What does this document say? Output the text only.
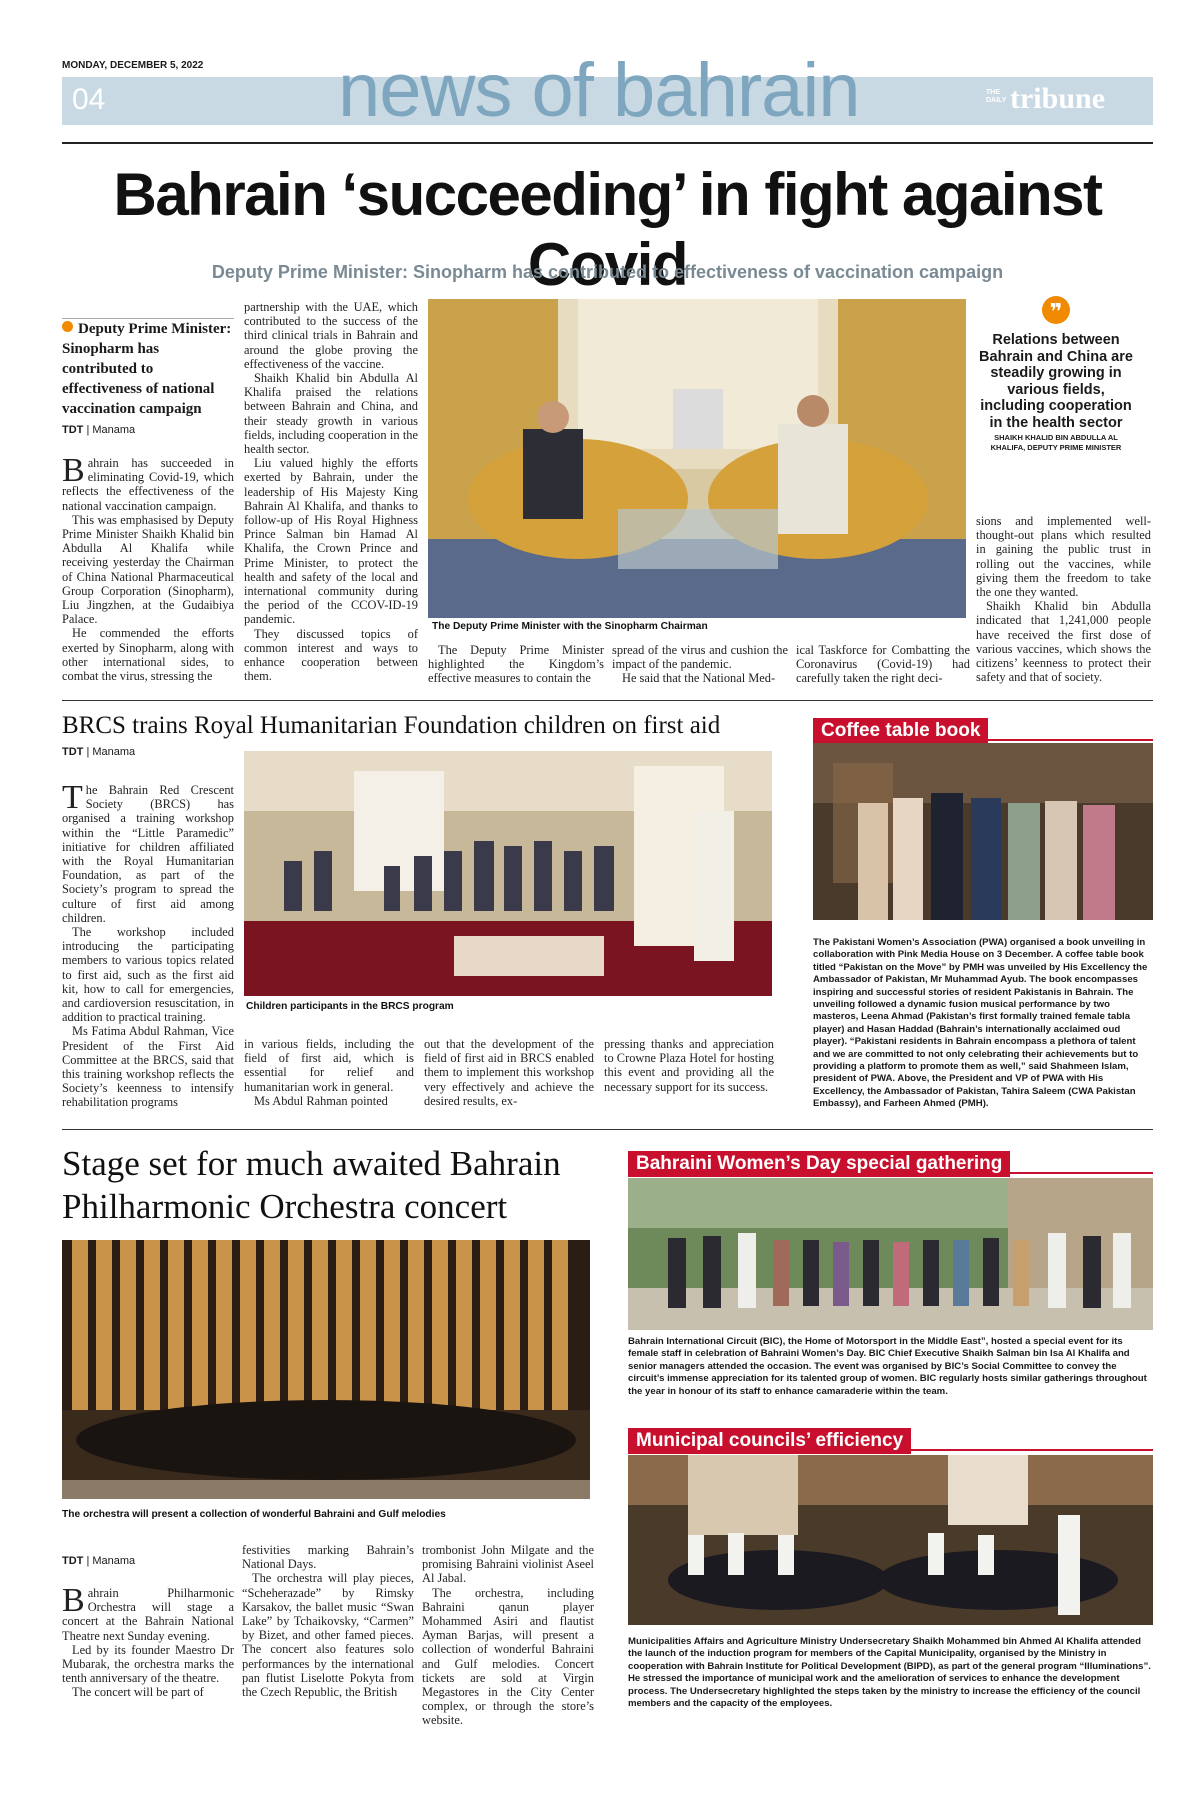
MONDAY, DECEMBER 5, 2022
04	news of bahrain	THE DAILY tribune
Bahrain ‘succeeding’ in fight against Covid
Deputy Prime Minister: Sinopharm has contributed to effectiveness of vaccination campaign
Deputy Prime Minister: Sinopharm has contributed to effectiveness of national vaccination campaign
TDT | Manama

Bahrain has succeeded in eliminating Covid-19, which reflects the effectiveness of the national vaccination campaign.

This was emphasised by Deputy Prime Minister Shaikh Khalid bin Abdulla Al Khalifa while receiving yesterday the Chairman of China National Pharmaceutical Group Corporation (Sinopharm), Liu Jingzhen, at the Gudaibiya Palace.

He commended the efforts exerted by Sinopharm, along with other international sides, to combat the virus, stressing the

partnership with the UAE, which contributed to the success of the third clinical trials in Bahrain and around the globe proving the effectiveness of the vaccine.

Shaikh Khalid bin Abdulla Al Khalifa praised the relations between Bahrain and China, and their steady growth in various fields, including cooperation in the health sector.

Liu valued highly the efforts exerted by Bahrain, under the leadership of His Majesty King Bahrain Al Khalifa, and thanks to follow-up of His Royal Highness Prince Salman bin Hamad Al Khalifa, the Crown Prince and Prime Minister, to protect the health and safety of the local and international community during the period of the CCOV-ID-19 pandemic.

They discussed topics of common interest and ways to enhance cooperation between them.

The Deputy Prime Minister with the Sinopharm Chairman

The Deputy Prime Minister highlighted the Kingdom’s effective measures to contain the

spread of the virus and cushion the impact of the pandemic.

He said that the National Med-

ical Taskforce for Combatting the Coronavirus (Covid-19) had carefully taken the right deci-

❞
Relations between Bahrain and China are steadily growing in various fields, including cooperation in the health sector
SHAIKH KHALID BIN ABDULLA AL KHALIFA, DEPUTY PRIME MINISTER

sions and implemented well-thought-out plans which resulted in gaining the public trust in rolling out the vaccines, while giving them the freedom to take the one they wanted.

Shaikh Khalid bin Abdulla indicated that 1,241,000 people have received the first dose of various vaccines, which shows the citizens’ keenness to protect their safety and that of society.

BRCS trains Royal Humanitarian Foundation children on first aid
TDT | Manama

The Bahrain Red Crescent Society (BRCS) has organised a training workshop within the “Little Paramedic” initiative for children affiliated with the Royal Humanitarian Foundation, as part of the Society’s program to spread the culture of first aid among children.

The workshop included introducing the participating members to various topics related to first aid, such as the first aid kit, how to call for emergencies, and cardioversion resuscitation, in addition to practical training.

Ms Fatima Abdul Rahman, Vice President of the First Aid Committee at the BRCS, said that this training workshop reflects the Society’s keenness to intensify rehabilitation programs

Children participants in the BRCS program

in various fields, including the field of first aid, which is essential for relief and humanitarian work in general.

Ms Abdul Rahman pointed

out that the development of the field of first aid in BRCS enabled them to implement this workshop very effectively and achieve the desired results, ex-

pressing thanks and appreciation to Crowne Plaza Hotel for hosting this event and providing all the necessary support for its success.

Coffee table book
The Pakistani Women’s Association (PWA) organised a book unveiling in collaboration with Pink Media House on 3 December. A coffee table book titled “Pakistan on the Move” by PMH was unveiled by His Excellency the Ambassador of Pakistan, Mr Muhammad Ayub. The book encompasses inspiring and successful stories of resident Pakistanis in Bahrain. The unveiling followed a dynamic fusion musical performance by two masteros, Leena Ahmad (Pakistan’s first formally trained female tabla player) and Hasan Haddad (Bahrain’s internationally acclaimed oud player). “Pakistani residents in Bahrain encompass a plethora of talent and we are committed to not only celebrating their achievements but to providing a platform to promote them as well,” said Shahmeen Islam, president of PWA. Above, the President and VP of PWA with His Excellency, the Ambassador of Pakistan, Tahira Saleem (CWA Pakistan Embassy), and Farheen Ahmed (PMH).
Stage set for much awaited Bahrain
Philharmonic Orchestra concert
The orchestra will present a collection of wonderful Bahraini and Gulf melodies
TDT | Manama

Bahrain Philharmonic Orchestra will stage a concert at the Bahrain National Theatre next Sunday evening.

Led by its founder Maestro Dr Mubarak, the orchestra marks the tenth anniversary of the theatre.

The concert will be part of

festivities marking Bahrain’s National Days.

The orchestra will play pieces, “Scheherazade” by Rimsky Karsakov, the ballet music “Swan Lake” by Tchaikovsky, “Carmen” by Bizet, and other famed pieces. The concert also features solo performances by the international pan flutist Liselotte Pokyta from the Czech Republic, the British

trombonist John Milgate and the promising Bahraini violinist Aseel Al Jabal.

The orchestra, including Bahraini qanun player Mohammed Asiri and flautist Ayman Barjas, will present a collection of wonderful Bahraini and Gulf melodies. Concert tickets are sold at Virgin Megastores in the City Center complex, or through the store’s website.

Bahraini Women’s Day special gathering
Bahrain International Circuit (BIC), the Home of Motorsport in the Middle East”, hosted a special event for its female staff in celebration of Bahraini Women’s Day. BIC Chief Executive Shaikh Salman bin Isa Al Khalifa and senior managers attended the occasion. The event was organised by BIC’s Social Committee to convey the circuit’s immense appreciation for its talented group of women. BIC regularly hosts similar gatherings throughout the year in honour of its staff to enhance camaraderie within the team.
Municipal councils’ efficiency
Municipalities Affairs and Agriculture Ministry Undersecretary Shaikh Mohammed bin Ahmed Al Khalifa attended the launch of the induction program for members of the Capital Municipality, organised by the Ministry in cooperation with Bahrain Institute for Political Development (BIPD), as part of the general program “Illuminations”. He stressed the importance of municipal work and the amelioration of services to enhance the development process. The Undersecretary highlighted the steps taken by the ministry to increase the efficiency of the council members and the capacity of the employees.
